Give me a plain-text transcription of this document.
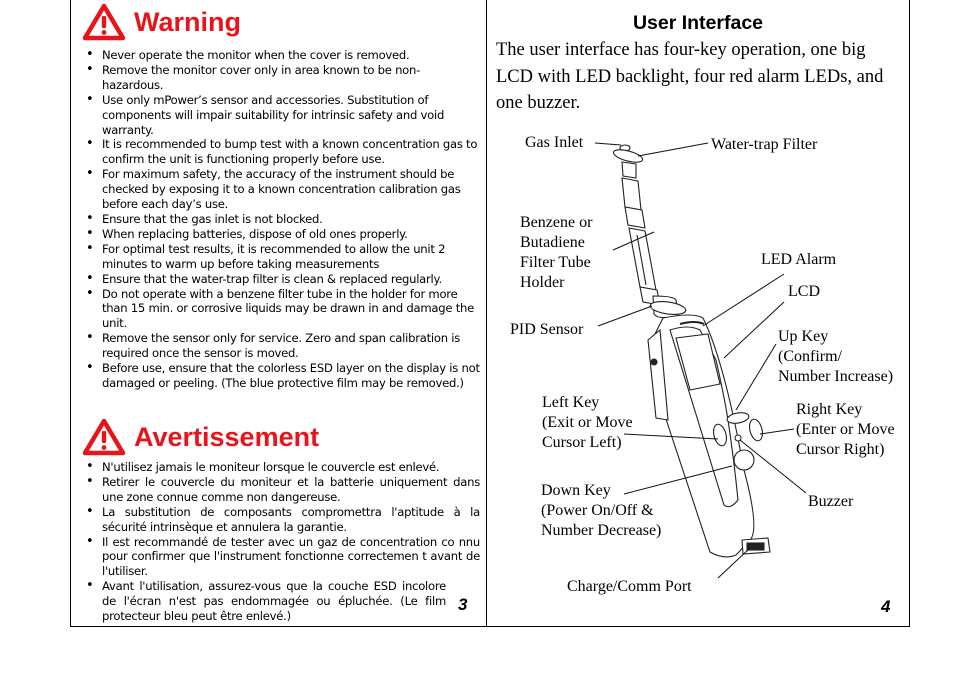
Warning
• Never operate the monitor when the cover is removed.
• Remove the monitor cover only in area known to be non-hazardous.
• Use only mPower’s sensor and accessories. Substitution of components will impair suitability for intrinsic safety and void warranty.
• It is recommended to bump test with a known concentration gas to confirm the unit is functioning properly before use.
• For maximum safety, the accuracy of the instrument should be checked by exposing it to a known concentration calibration gas before each day’s use.
• Ensure that the gas inlet is not blocked.
• When replacing batteries, dispose of old ones properly.
• For optimal test results, it is recommended to allow the unit 2 minutes to warm up before taking measurements
• Ensure that the water-trap filter is clean & replaced regularly.
• Do not operate with a benzene filter tube in the holder for more than 15 min. or corrosive liquids may be drawn in and damage the unit.
• Remove the sensor only for service. Zero and span calibration is required once the sensor is moved.
• Before use, ensure that the colorless ESD layer on the display is not damaged or peeling. (The blue protective film may be removed.)
Avertissement
• N'utilisez jamais le moniteur lorsque le couvercle est enlevé.
• Retirer le couvercle du moniteur et la batterie uniquement dans une zone connue comme non dangereuse.
• La substitution de composants compromettra l'aptitude à la sécurité intrinsèque et annulera la garantie.
• Il est recommandé de tester avec un gaz de concentration co nnu pour confirmer que l'instrument fonctionne correctemen t avant de l'utiliser.
• Avant l'utilisation, assurez-vous que la couche ESD incolore de l'écran n'est pas endommagée ou épluchée. (Le film protecteur bleu peut être enlevé.)
3
User Interface
The user interface has four-key operation, one big LCD with LED backlight, four red alarm LEDs, and one buzzer.
Gas Inlet	Water-trap Filter
Benzene or
Butadiene
Filter Tube
Holder
LED Alarm
LCD
PID Sensor	Up Key
(Confirm/
Number Increase)
Left Key
(Exit or Move
Cursor Left)
Right Key
(Enter or Move
Cursor Right)
Down Key
(Power On/Off &
Number Decrease)
Buzzer
Charge/Comm Port
4
